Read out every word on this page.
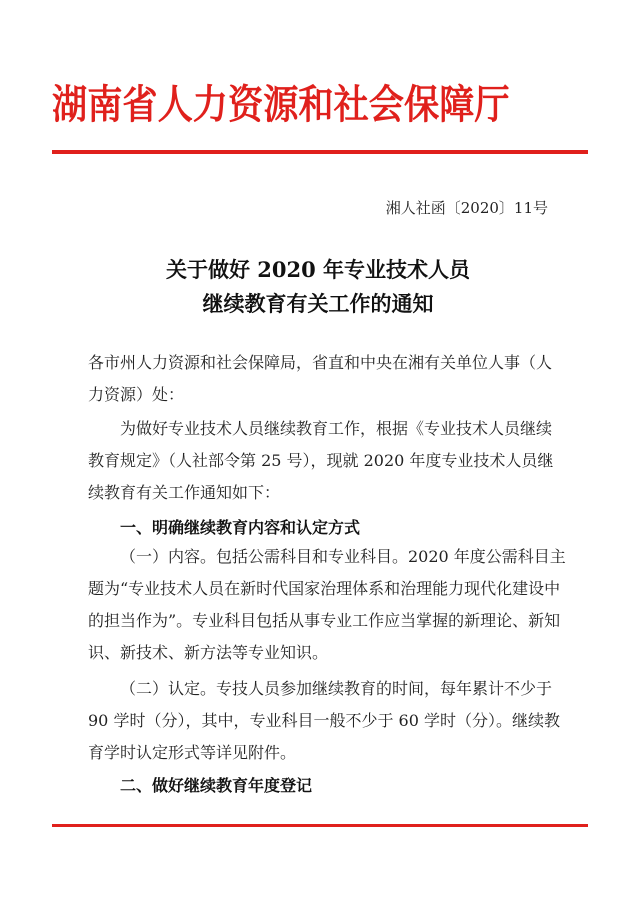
湖南省人力资源和社会保障厅
湘人社函〔2020〕11号
关于做好 2020 年专业技术人员
继续教育有关工作的通知

各市州人力资源和社会保障局，省直和中央在湘有关单位人事（人力资源）处：

为做好专业技术人员继续教育工作，根据《专业技术人员继续教育规定》（人社部令第 25 号），现就 2020 年度专业技术人员继续教育有关工作通知如下：

一、明确继续教育内容和认定方式

（一）内容。包括公需科目和专业科目。2020 年度公需科目主题为“专业技术人员在新时代国家治理体系和治理能力现代化建设中的担当作为”。专业科目包括从事专业工作应当掌握的新理论、新知识、新技术、新方法等专业知识。

（二）认定。专技人员参加继续教育的时间，每年累计不少于 90 学时（分），其中，专业科目一般不少于 60 学时（分）。继续教育学时认定形式等详见附件。

二、做好继续教育年度登记
